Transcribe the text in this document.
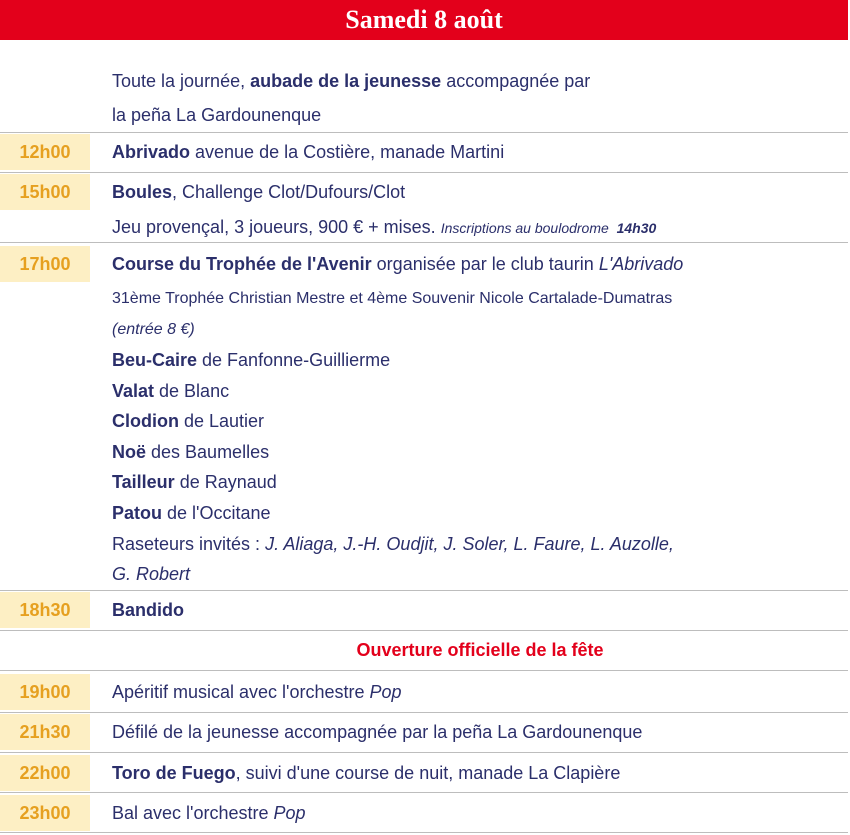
Samedi 8 août
Toute la journée, aubade de la jeunesse accompagnée par
la peña La Gardounenque
12h00	Abrivado avenue de la Costière, manade Martini
15h00	Boules, Challenge Clot/Dufours/Clot
Jeu provençal, 3 joueurs, 900 € + mises. Inscriptions au boulodrome  14h30
17h00	Course du Trophée de l'Avenir organisée par le club taurin L'Abrivado
31ème Trophée Christian Mestre et 4ème Souvenir Nicole Cartalade-Dumatras
(entrée 8 €)
Beu-Caire de Fanfonne-Guillierme
Valat de Blanc
Clodion de Lautier
Noë des Baumelles
Tailleur de Raynaud
Patou de l'Occitane
Raseteurs invités : J. Aliaga, J.-H. Oudjit, J. Soler, L. Faure, L. Auzolle,
G. Robert
18h30	Bandido
Ouverture officielle de la fête
19h00	Apéritif musical avec l'orchestre Pop
21h30	Défilé de la jeunesse accompagnée par la peña La Gardounenque
22h00	Toro de Fuego, suivi d'une course de nuit, manade La Clapière
23h00	Bal avec l'orchestre Pop
